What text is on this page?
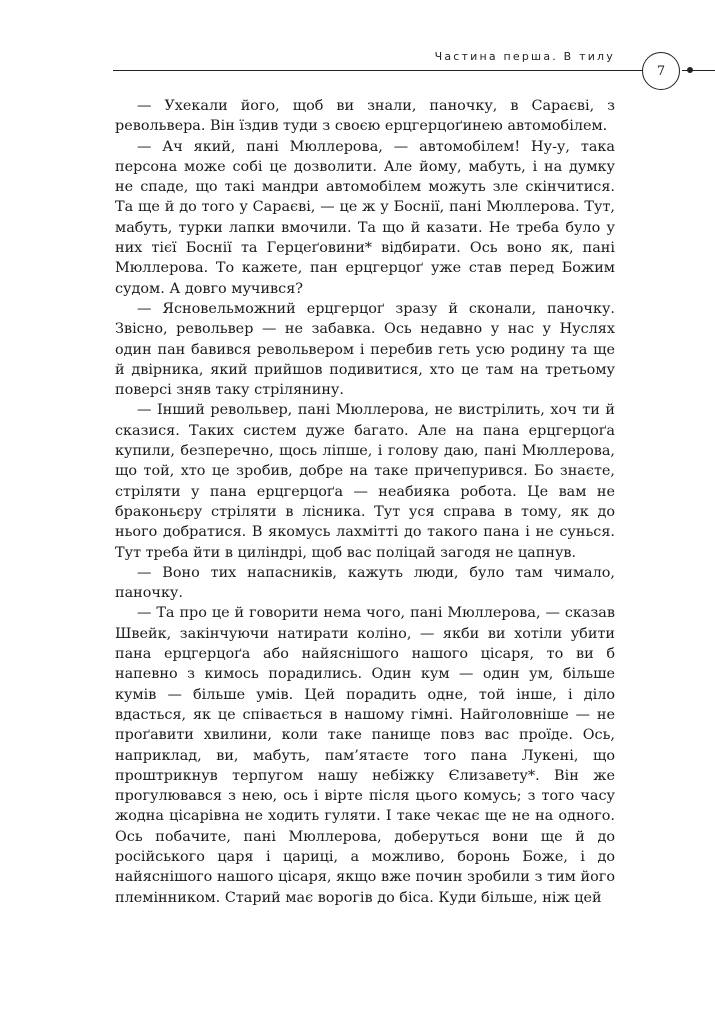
Частина перша. В тилу
7

— Ухекали його, щоб ви знали, паночку, в Сараєві, з револьвера. Він їздив туди з своєю ерцгерцоґинею автомобілем.

— Ач який, пані Мюллерова, — автомобілем! Ну-у, така персона може собі це дозволити. Але йому, мабуть, і на думку не спаде, що такі мандри автомобілем можуть зле скінчитися. Та ще й до того у Сараєві, — це ж у Боснії, пані Мюллерова. Тут, мабуть, турки лапки вмочили. Та що й казати. Не треба було у них тієї Боснії та Герцеґовини* відбирати. Ось воно як, пані Мюллерова. То кажете, пан ерцгерцоґ уже став перед Божим судом. А довго мучився?

— Ясновельможний ерцгерцоґ зразу й сконали, паночку. Звісно, револьвер — не забавка. Ось недавно у нас у Нуслях один пан бавився револьвером і перебив геть усю родину та ще й двірника, який прийшов подивитися, хто це там на третьому поверсі зняв таку стрілянину.

— Інший револьвер, пані Мюллерова, не вистрілить, хоч ти й сказися. Таких систем дуже багато. Але на пана ерцгерцоґа купили, безперечно, щось ліпше, і голову даю, пані Мюллерова, що той, хто це зробив, добре на таке причепурився. Бо знаєте, стріляти у пана ерцгерцоґа — неабияка робота. Це вам не браконьєру стріляти в лісника. Тут уся справа в тому, як до нього добратися. В якомусь лахмітті до такого пана і не сунься. Тут треба йти в циліндрі, щоб вас поліцай загодя не цапнув.

— Воно тих напасників, кажуть люди, було там чимало, паночку.

— Та про це й говорити нема чого, пані Мюллерова, — сказав Швейк, закінчуючи натирати коліно, — якби ви хотіли убити пана ерцгерцоґа або найяснішого нашого цісаря, то ви б напевно з кимось порадились. Один кум — один ум, більше кумів — більше умів. Цей порадить одне, той інше, і діло вдасться, як це співається в нашому гімні. Найголовніше — не проґавити хвилини, коли таке панище повз вас проїде. Ось, наприклад, ви, мабуть, пам’ятаєте того пана Лукені, що проштрикнув терпугом нашу небіжку Єлизавету*. Він же прогулювався з нею, ось і вірте після цього комусь; з того часу жодна цісарівна не ходить гуляти. І таке чекає ще не на одного. Ось побачите, пані Мюллерова, доберуться вони ще й до російського царя і цариці, а можливо, боронь Боже, і до найяснішого нашого цісаря, якщо вже почин зробили з тим його племінником. Старий має ворогів до біса. Куди більше, ніж цей
